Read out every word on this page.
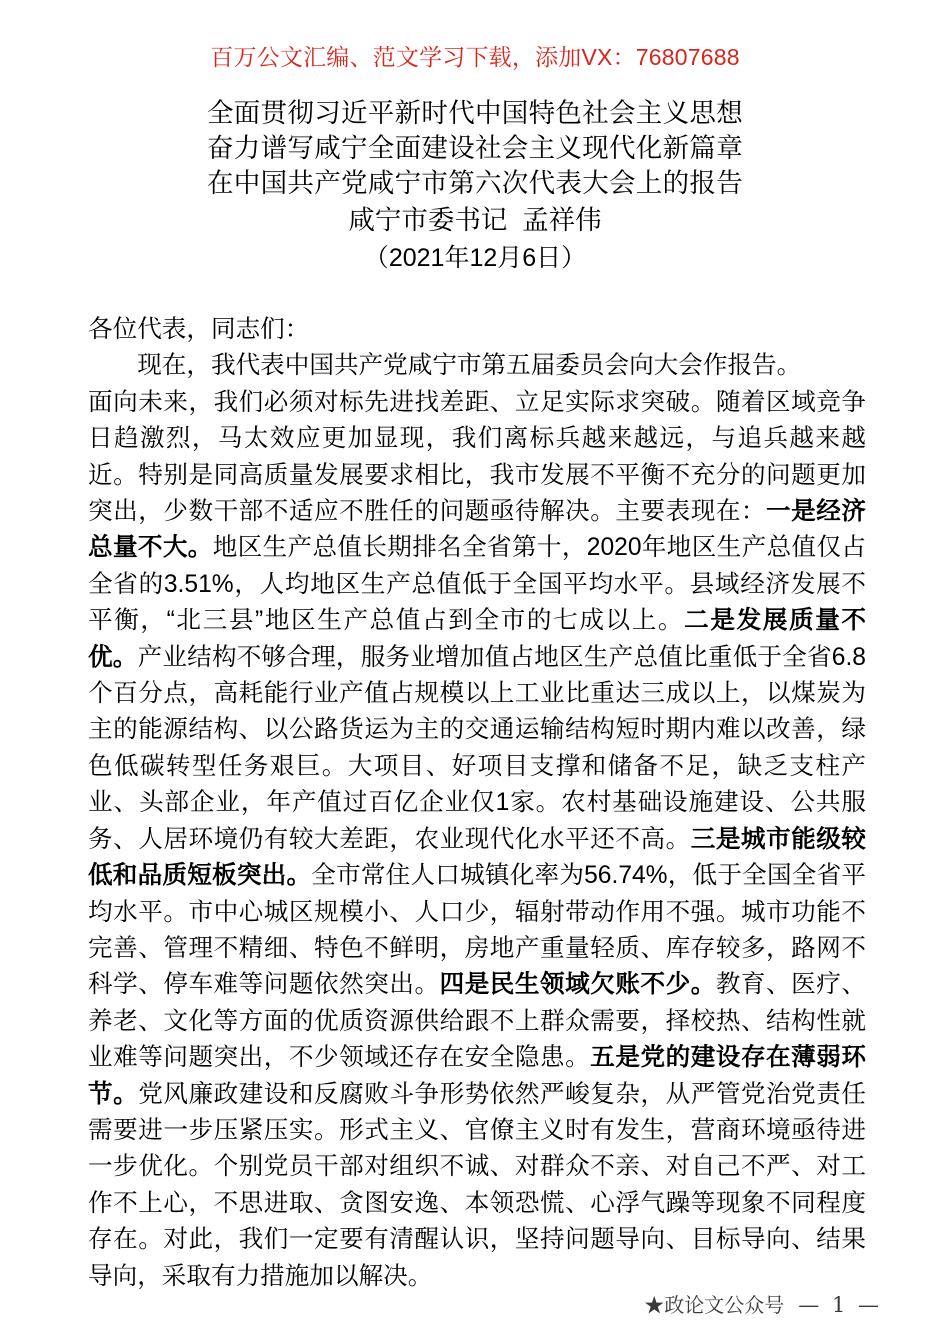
百万公文汇编、范文学习下载，添加VX：76807688
全面贯彻习近平新时代中国特色社会主义思想
奋力谱写咸宁全面建设社会主义现代化新篇章
在中国共产党咸宁市第六次代表大会上的报告
咸宁市委书记  孟祥伟
（2021年12月6日）

各位代表，同志们：

现在，我代表中国共产党咸宁市第五届委员会向大会作报告。

面向未来，我们必须对标先进找差距、立足实际求突破。随着区域竞争日趋激烈，马太效应更加显现，我们离标兵越来越远，与追兵越来越近。特别是同高质量发展要求相比，我市发展不平衡不充分的问题更加突出，少数干部不适应不胜任的问题亟待解决。主要表现在：一是经济总量不大。地区生产总值长期排名全省第十，2020年地区生产总值仅占全省的3.51%，人均地区生产总值低于全国平均水平。县域经济发展不平衡，“北三县”地区生产总值占到全市的七成以上。二是发展质量不优。产业结构不够合理，服务业增加值占地区生产总值比重低于全省6.8个百分点，高耗能行业产值占规模以上工业比重达三成以上，以煤炭为主的能源结构、以公路货运为主的交通运输结构短时期内难以改善，绿色低碳转型任务艰巨。大项目、好项目支撑和储备不足，缺乏支柱产业、头部企业，年产值过百亿企业仅1家。农村基础设施建设、公共服务、人居环境仍有较大差距，农业现代化水平还不高。三是城市能级较低和品质短板突出。全市常住人口城镇化率为56.74%，低于全国全省平均水平。市中心城区规模小、人口少，辐射带动作用不强。城市功能不完善、管理不精细、特色不鲜明，房地产重量轻质、库存较多，路网不科学、停车难等问题依然突出。四是民生领域欠账不少。教育、医疗、养老、文化等方面的优质资源供给跟不上群众需要，择校热、结构性就业难等问题突出，不少领域还存在安全隐患。五是党的建设存在薄弱环节。党风廉政建设和反腐败斗争形势依然严峻复杂，从严管党治党责任需要进一步压紧压实。形式主义、官僚主义时有发生，营商环境亟待进一步优化。个别党员干部对组织不诚、对群众不亲、对自己不严、对工作不上心，不思进取、贪图安逸、本领恐慌、心浮气躁等现象不同程度存在。对此，我们一定要有清醒认识，坚持问题导向、目标导向、结果导向，采取有力措施加以解决。

★政论文公众号 — 1 —
